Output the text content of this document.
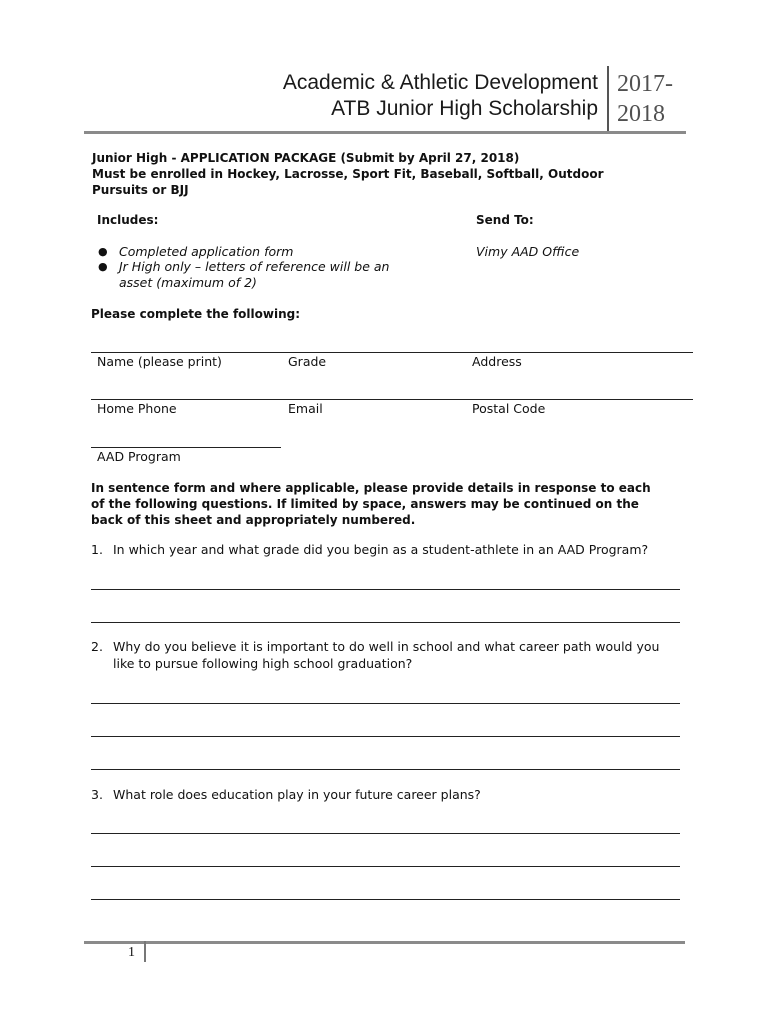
Academic & Athletic Development
ATB Junior High Scholarship
2017-
2018
Junior High - APPLICATION PACKAGE (Submit by April 27, 2018)
Must be enrolled in Hockey, Lacrosse, Sport Fit, Baseball, Softball, Outdoor
Pursuits or BJJ
Includes:
● Completed application form
● Jr High only – letters of reference will be an
asset (maximum of 2)
Send To:
Vimy AAD Office
Please complete the following:
Name (please print)	Grade	Address
Home Phone	Email	Postal Code
AAD Program
In sentence form and where applicable, please provide details in response to each
of the following questions. If limited by space, answers may be continued on the
back of this sheet and appropriately numbered.
1. In which year and what grade did you begin as a student-athlete in an AAD Program?
2. Why do you believe it is important to do well in school and what career path would you
like to pursue following high school graduation?
3. What role does education play in your future career plans?
1
